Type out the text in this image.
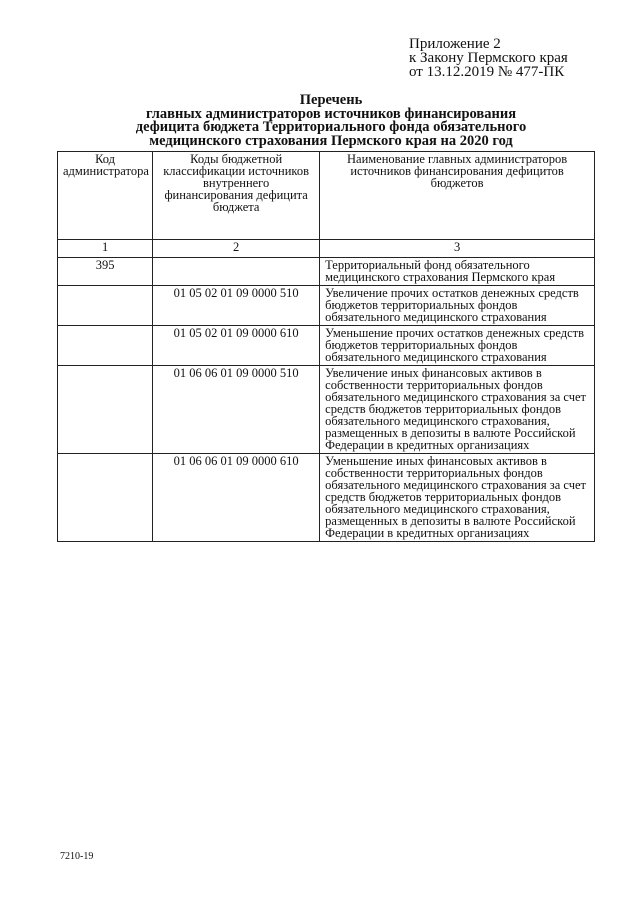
Приложение 2
к Закону Пермского края
от 13.12.2019 № 477-ПК
Перечень
главных администраторов источников финансирования
дефицита бюджета Территориального фонда обязательного
медицинского страхования Пермского края на 2020 год
Код администратора	Коды бюджетной классификации источников внутреннего финансирования дефицита бюджета	Наименование главных администраторов источников финансирования дефицитов бюджетов
1	2	3
395		Территориальный фонд обязательного медицинского страхования Пермского края
	01 05 02 01 09 0000 510	Увеличение прочих остатков денежных средств бюджетов территориальных фондов обязательного медицинского страхования
	01 05 02 01 09 0000 610	Уменьшение прочих остатков денежных средств бюджетов территориальных фондов обязательного медицинского страхования
	01 06 06 01 09 0000 510	Увеличение иных финансовых активов в собственности территориальных фондов обязательного медицинского страхования за счет средств бюджетов территориальных фондов обязательного медицинского страхования, размещенных в депозиты в валюте Российской Федерации в кредитных организациях
	01 06 06 01 09 0000 610	Уменьшение иных финансовых активов в собственности территориальных фондов обязательного медицинского страхования за счет средств бюджетов территориальных фондов обязательного медицинского страхования, размещенных в депозиты в валюте Российской Федерации в кредитных организациях
7210-19
